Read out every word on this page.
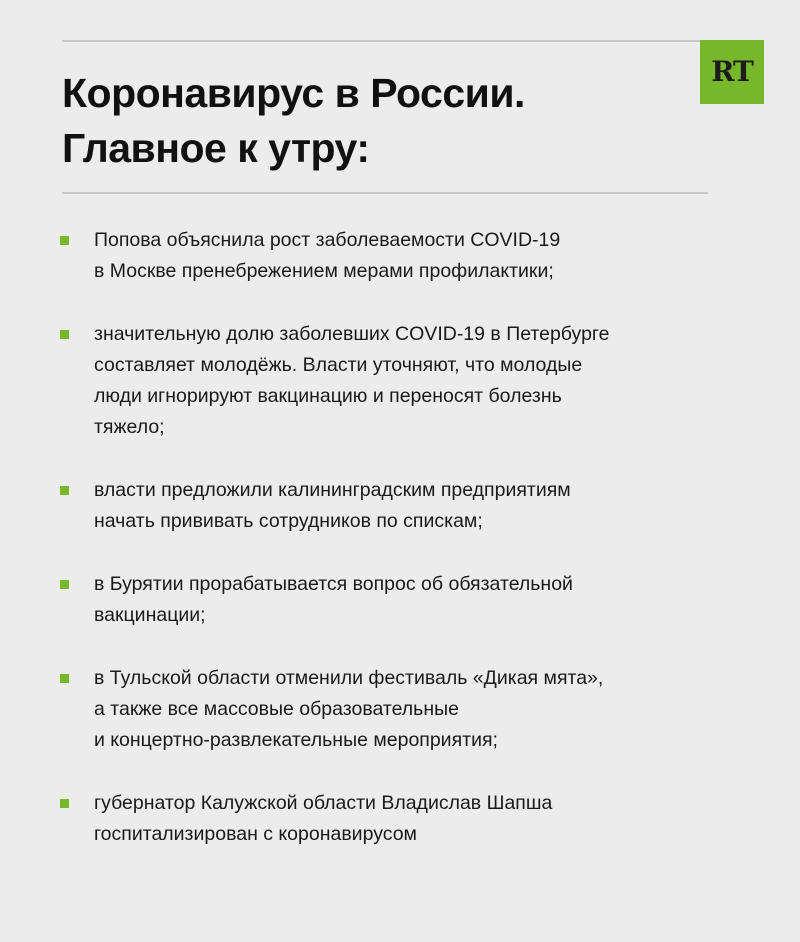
Коронавирус в России.
Главное к утру:
RT
Попова объяснила рост заболеваемости COVID-19
в Москве пренебрежением мерами профилактики;
значительную долю заболевших COVID-19 в Петербурге
составляет молодёжь. Власти уточняют, что молодые
люди игнорируют вакцинацию и переносят болезнь
тяжело;
власти предложили калининградским предприятиям
начать прививать сотрудников по спискам;
в Бурятии прорабатывается вопрос об обязательной
вакцинации;
в Тульской области отменили фестиваль «Дикая мята»,
а также все массовые образовательные
и концертно-развлекательные мероприятия;
губернатор Калужской области Владислав Шапша
госпитализирован с коронавирусом
